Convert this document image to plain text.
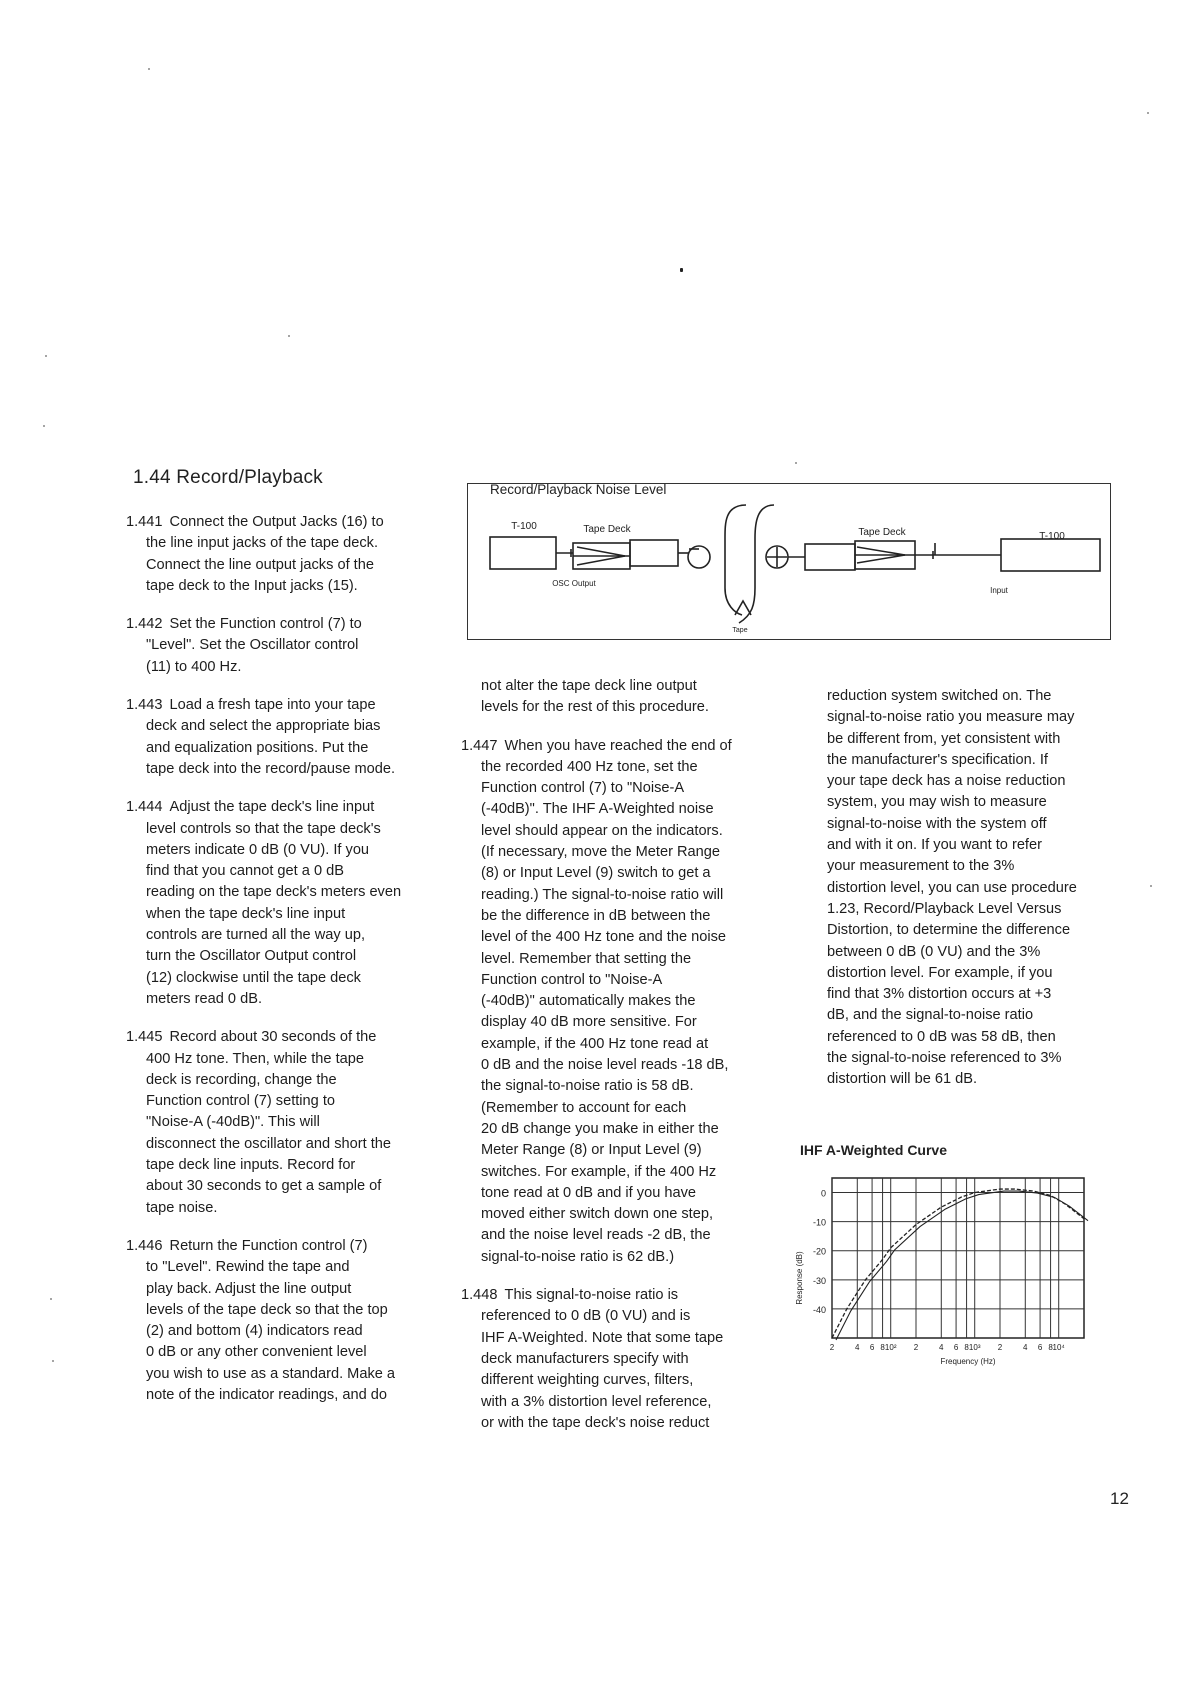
1.44 Record/Playback
1.441 Connect the Output Jacks (16) to
the line input jacks of the tape deck.
Connect the line output jacks of the
tape deck to the Input jacks (15).
1.442 Set the Function control (7) to
"Level". Set the Oscillator control
(11) to 400 Hz.
1.443 Load a fresh tape into your tape
deck and select the appropriate bias
and equalization positions. Put the
tape deck into the record/pause mode.
1.444 Adjust the tape deck's line input
level controls so that the tape deck's
meters indicate 0 dB (0 VU). If you
find that you cannot get a 0 dB
reading on the tape deck's meters even
when the tape deck's line input
controls are turned all the way up,
turn the Oscillator Output control
(12) clockwise until the tape deck
meters read 0 dB.
1.445 Record about 30 seconds of the
400 Hz tone. Then, while the tape
deck is recording, change the
Function control (7) setting to
"Noise-A (-40dB)". This will
disconnect the oscillator and short the
tape deck line inputs. Record for
about 30 seconds to get a sample of
tape noise.
1.446 Return the Function control (7)
to "Level". Rewind the tape and
play back. Adjust the line output
levels of the tape deck so that the top
(2) and bottom (4) indicators read
0 dB or any other convenient level
you wish to use as a standard. Make a
note of the indicator readings, and do
not alter the tape deck line output
levels for the rest of this procedure.
1.447 When you have reached the end of
the recorded 400 Hz tone, set the
Function control (7) to "Noise-A
(-40dB)". The IHF A-Weighted noise
level should appear on the indicators.
(If necessary, move the Meter Range
(8) or Input Level (9) switch to get a
reading.) The signal-to-noise ratio will
be the difference in dB between the
level of the 400 Hz tone and the noise
level. Remember that setting the
Function control to "Noise-A
(-40dB)" automatically makes the
display 40 dB more sensitive. For
example, if the 400 Hz tone read at
0 dB and the noise level reads -18 dB,
the signal-to-noise ratio is 58 dB.
(Remember to account for each
20 dB change you make in either the
Meter Range (8) or Input Level (9)
switches. For example, if the 400 Hz
tone read at 0 dB and if you have
moved either switch down one step,
and the noise level reads -2 dB, the
signal-to-noise ratio is 62 dB.)
1.448 This signal-to-noise ratio is
referenced to 0 dB (0 VU) and is
IHF A-Weighted. Note that some tape
deck manufacturers specify with
different weighting curves, filters,
with a 3% distortion level reference,
or with the tape deck's noise reduct
reduction system switched on. The
signal-to-noise ratio you measure may
be different from, yet consistent with
the manufacturer's specification. If
your tape deck has a noise reduction
system, you may wish to measure
signal-to-noise with the system off
and with it on. If you want to refer
your measurement to the 3%
distortion level, you can use procedure
1.23, Record/Playback Level Versus
Distortion, to determine the difference
between 0 dB (0 VU) and the 3%
distortion level. For example, if you
find that 3% distortion occurs at +3
dB, and the signal-to-noise ratio
referenced to 0 dB was 58 dB, then
the signal-to-noise referenced to 3%
distortion will be 61 dB.
Record/Playback Noise Level
T-100	Tape Deck
OSC Output
Tape
Tape Deck	T-100
Input
IHF A-Weighted Curve
0
-10
-20
-30
-40
2	4 6 8 10² 2	4 6 8 10³ 2	4 6 8 10⁴
Response (dB)
Frequency (Hz)
12
